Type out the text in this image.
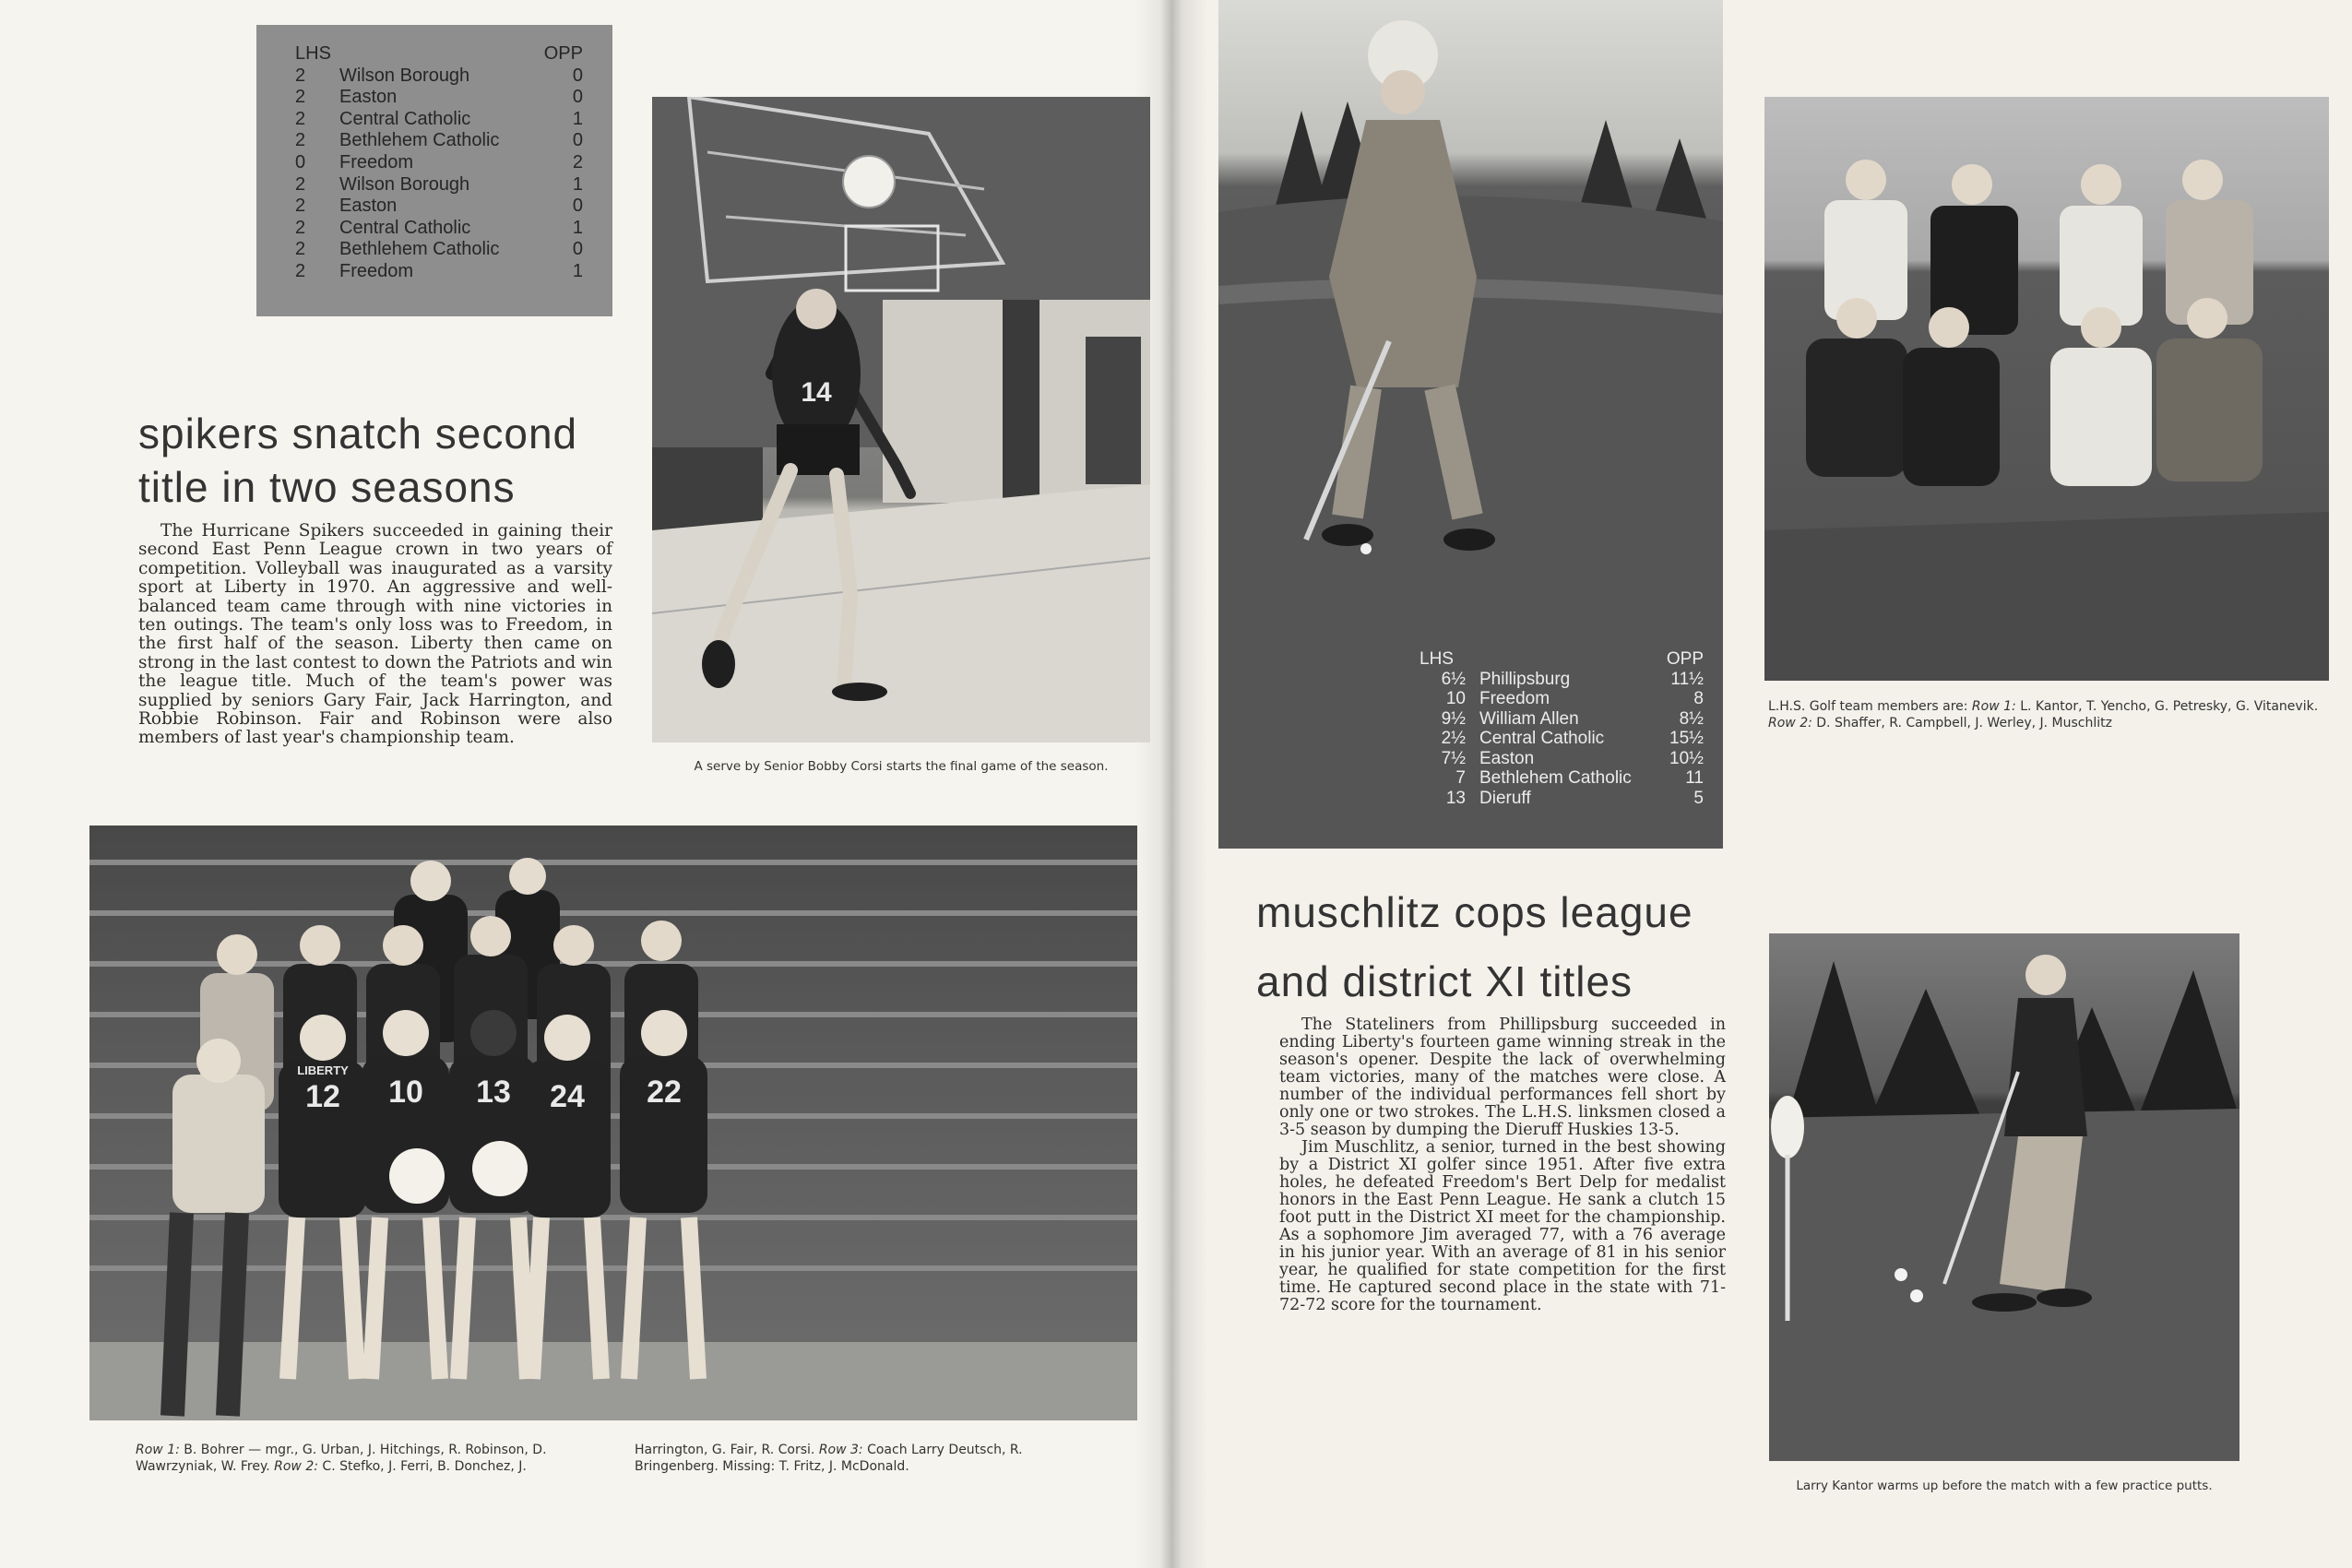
LHS		OPP
2	Wilson Borough	0
2	Easton	0
2	Central Catholic	1
2	Bethlehem Catholic	0
0	Freedom	2
2	Wilson Borough	1
2	Easton	0
2	Central Catholic	1
2	Bethlehem Catholic	0
2	Freedom	1
spikers snatch second
title in two seasons
The Hurricane Spikers succeeded in gaining their second East Penn League crown in two years of competition. Volleyball was inaugurated as a varsity sport at Liberty in 1970. An aggressive and well-balanced team came through with nine victories in ten outings. The team's only loss was to Freedom, in the first half of the season. Liberty then came on strong in the last contest to down the Patriots and win the league title. Much of the team's power was supplied by seniors Gary Fair, Jack Harrington, and Robbie Robinson. Fair and Robinson were also members of last year's championship team.
14
A serve by Senior Bobby Corsi starts the final game of the season.
LIBERTY
12 10 13 24 22
Row 1: B. Bohrer — mgr., G. Urban, J. Hitchings, R. Robinson, D. Wawrzyniak, W. Frey. Row 2: C. Stefko, J. Ferri, B. Donchez, J.
Harrington, G. Fair, R. Corsi. Row 3: Coach Larry Deutsch, R. Bringenberg. Missing: T. Fritz, J. McDonald.
LHS		OPP
6½	Phillipsburg	11½
10	Freedom	8
9½	William Allen	8½
2½	Central Catholic	15½
7½	Easton	10½
7	Bethlehem Catholic	11
13	Dieruff	5
L.H.S. Golf team members are: Row 1: L. Kantor, T. Yencho, G. Petresky, G. Vitanevik. Row 2: D. Shaffer, R. Campbell, J. Werley, J. Muschlitz
muschlitz cops league
and district XI titles
The Stateliners from Phillipsburg succeeded in ending Liberty's fourteen game winning streak in the season's opener. Despite the lack of overwhelming team victories, many of the matches were close. A number of the individual performances fell short by only one or two strokes. The L.H.S. linksmen closed a 3-5 season by dumping the Dieruff Huskies 13-5.
Jim Muschlitz, a senior, turned in the best showing by a District XI golfer since 1951. After five extra holes, he defeated Freedom's Bert Delp for medalist honors in the East Penn League. He sank a clutch 15 foot putt in the District XI meet for the championship. As a sophomore Jim averaged 77, with a 76 average in his junior year. With an average of 81 in his senior year, he qualified for state competition for the first time. He captured second place in the state with 71-72-72 score for the tournament.
Larry Kantor warms up before the match with a few practice putts.
